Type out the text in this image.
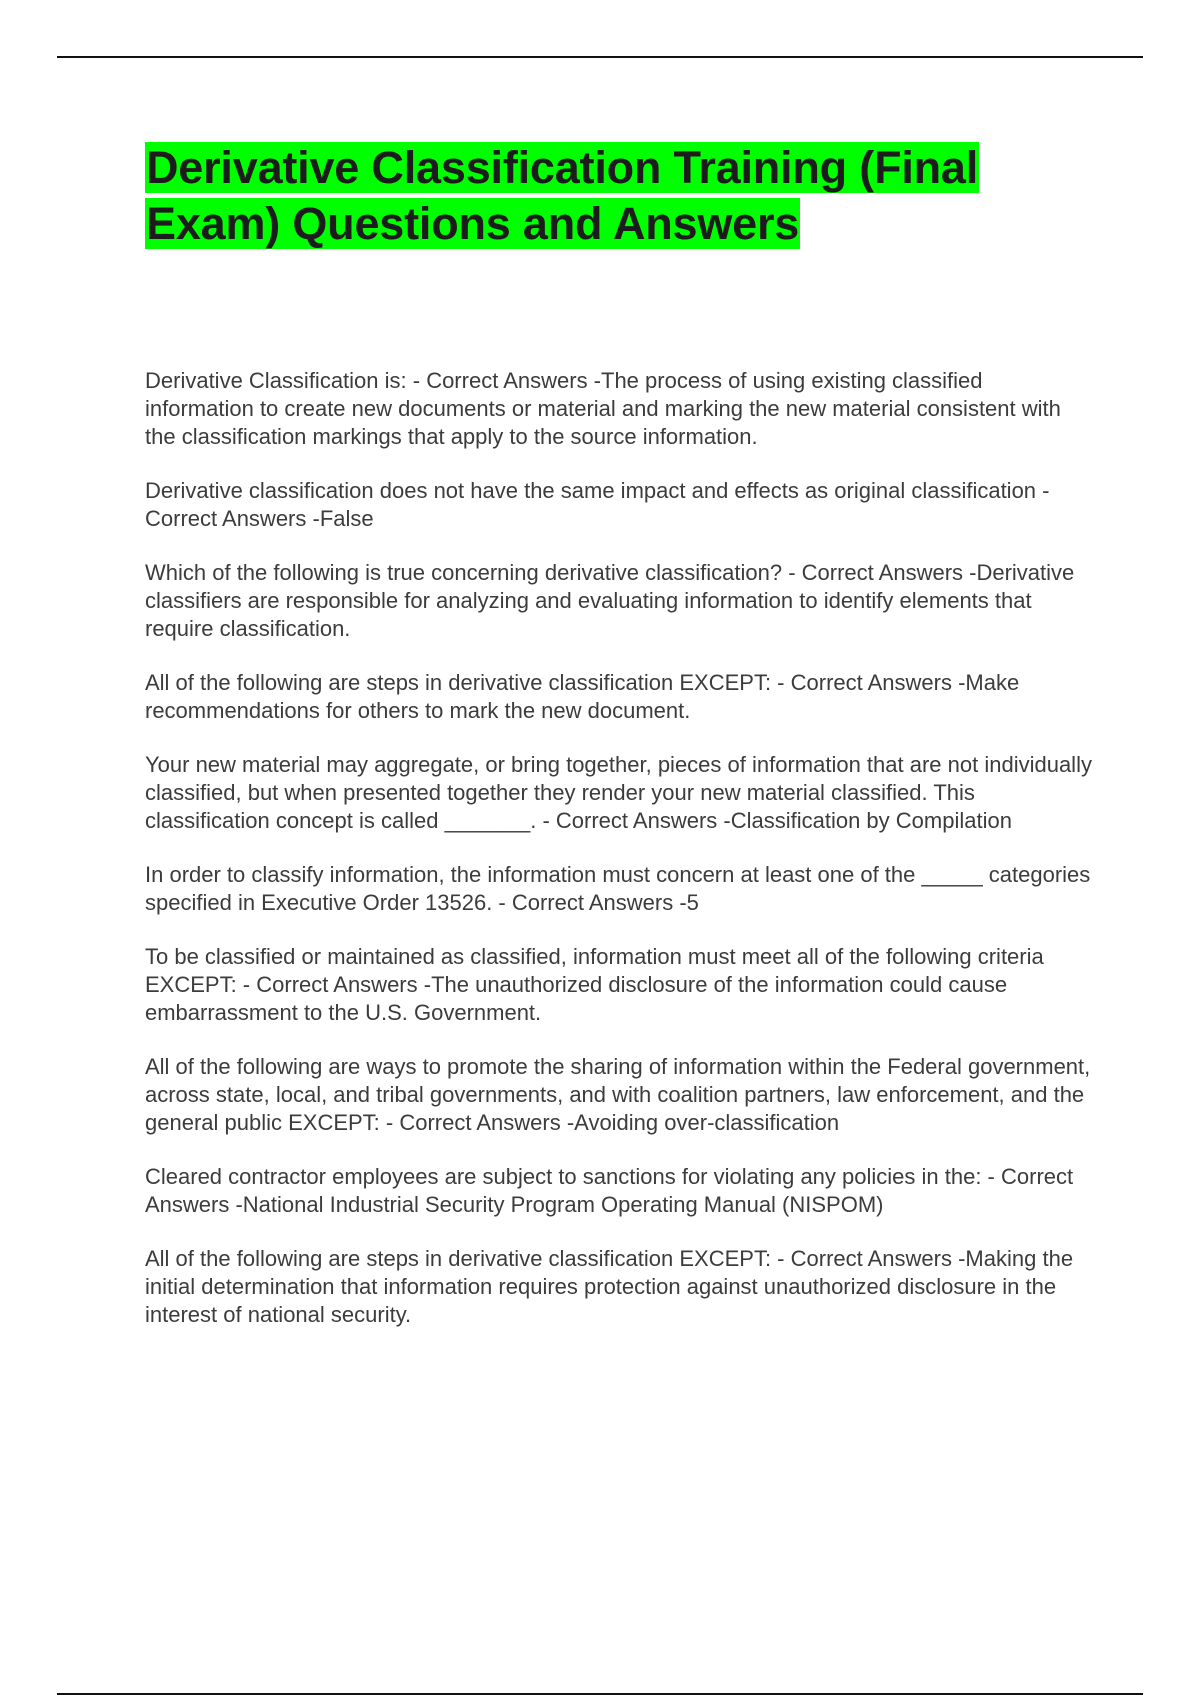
Derivative Classification Training (Final Exam) Questions and Answers
Derivative Classification is: - Correct Answers -The process of using existing classified information to create new documents or material and marking the new material consistent with the classification markings that apply to the source information.
Derivative classification does not have the same impact and effects as original classification - Correct Answers -False
Which of the following is true concerning derivative classification? - Correct Answers -Derivative classifiers are responsible for analyzing and evaluating information to identify elements that require classification.
All of the following are steps in derivative classification EXCEPT: - Correct Answers -Make recommendations for others to mark the new document.
Your new material may aggregate, or bring together, pieces of information that are not individually classified, but when presented together they render your new material classified. This classification concept is called _______. - Correct Answers -Classification by Compilation
In order to classify information, the information must concern at least one of the _____ categories specified in Executive Order 13526. - Correct Answers -5
To be classified or maintained as classified, information must meet all of the following criteria EXCEPT: - Correct Answers -The unauthorized disclosure of the information could cause embarrassment to the U.S. Government.
All of the following are ways to promote the sharing of information within the Federal government, across state, local, and tribal governments, and with coalition partners, law enforcement, and the general public EXCEPT: - Correct Answers -Avoiding over-classification
Cleared contractor employees are subject to sanctions for violating any policies in the: - Correct Answers -National Industrial Security Program Operating Manual (NISPOM)
All of the following are steps in derivative classification EXCEPT: - Correct Answers -Making the initial determination that information requires protection against unauthorized disclosure in the interest of national security.
